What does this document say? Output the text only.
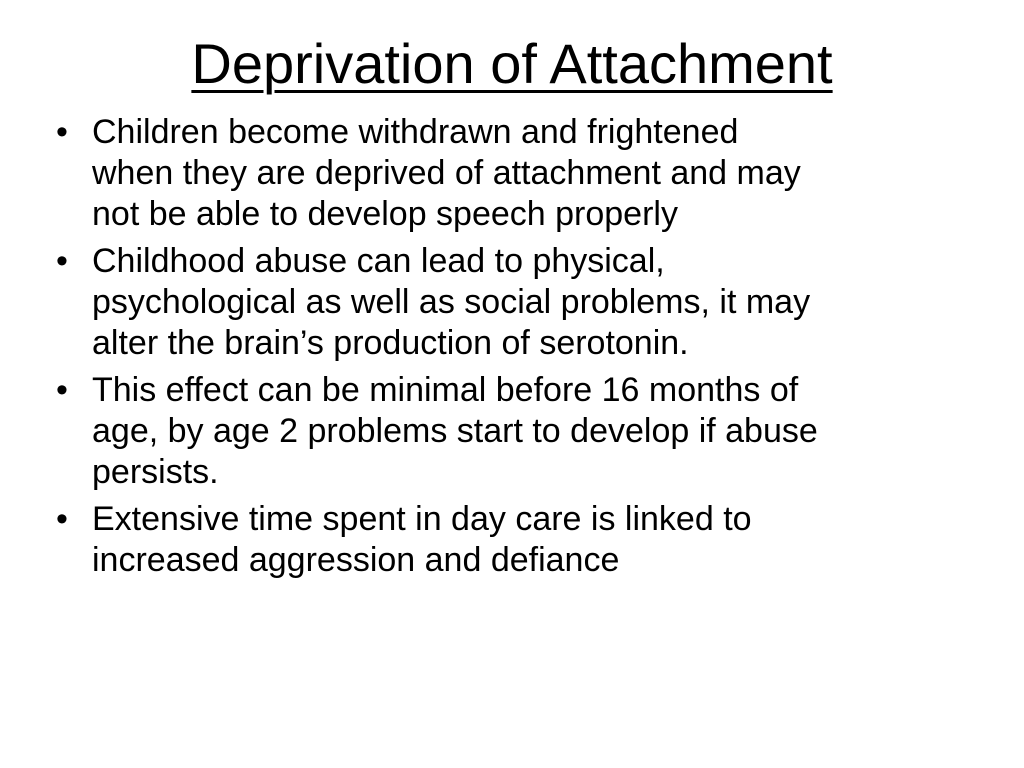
Deprivation of Attachment
• Children become withdrawn and frightened
when they are deprived of attachment and may
not be able to develop speech properly
• Childhood abuse can lead to physical,
psychological as well as social problems, it may
alter the brain’s production of serotonin.
• This effect can be minimal before 16 months of
age, by age 2 problems start to develop if abuse
persists.
• Extensive time spent in day care is linked to
increased aggression and defiance
